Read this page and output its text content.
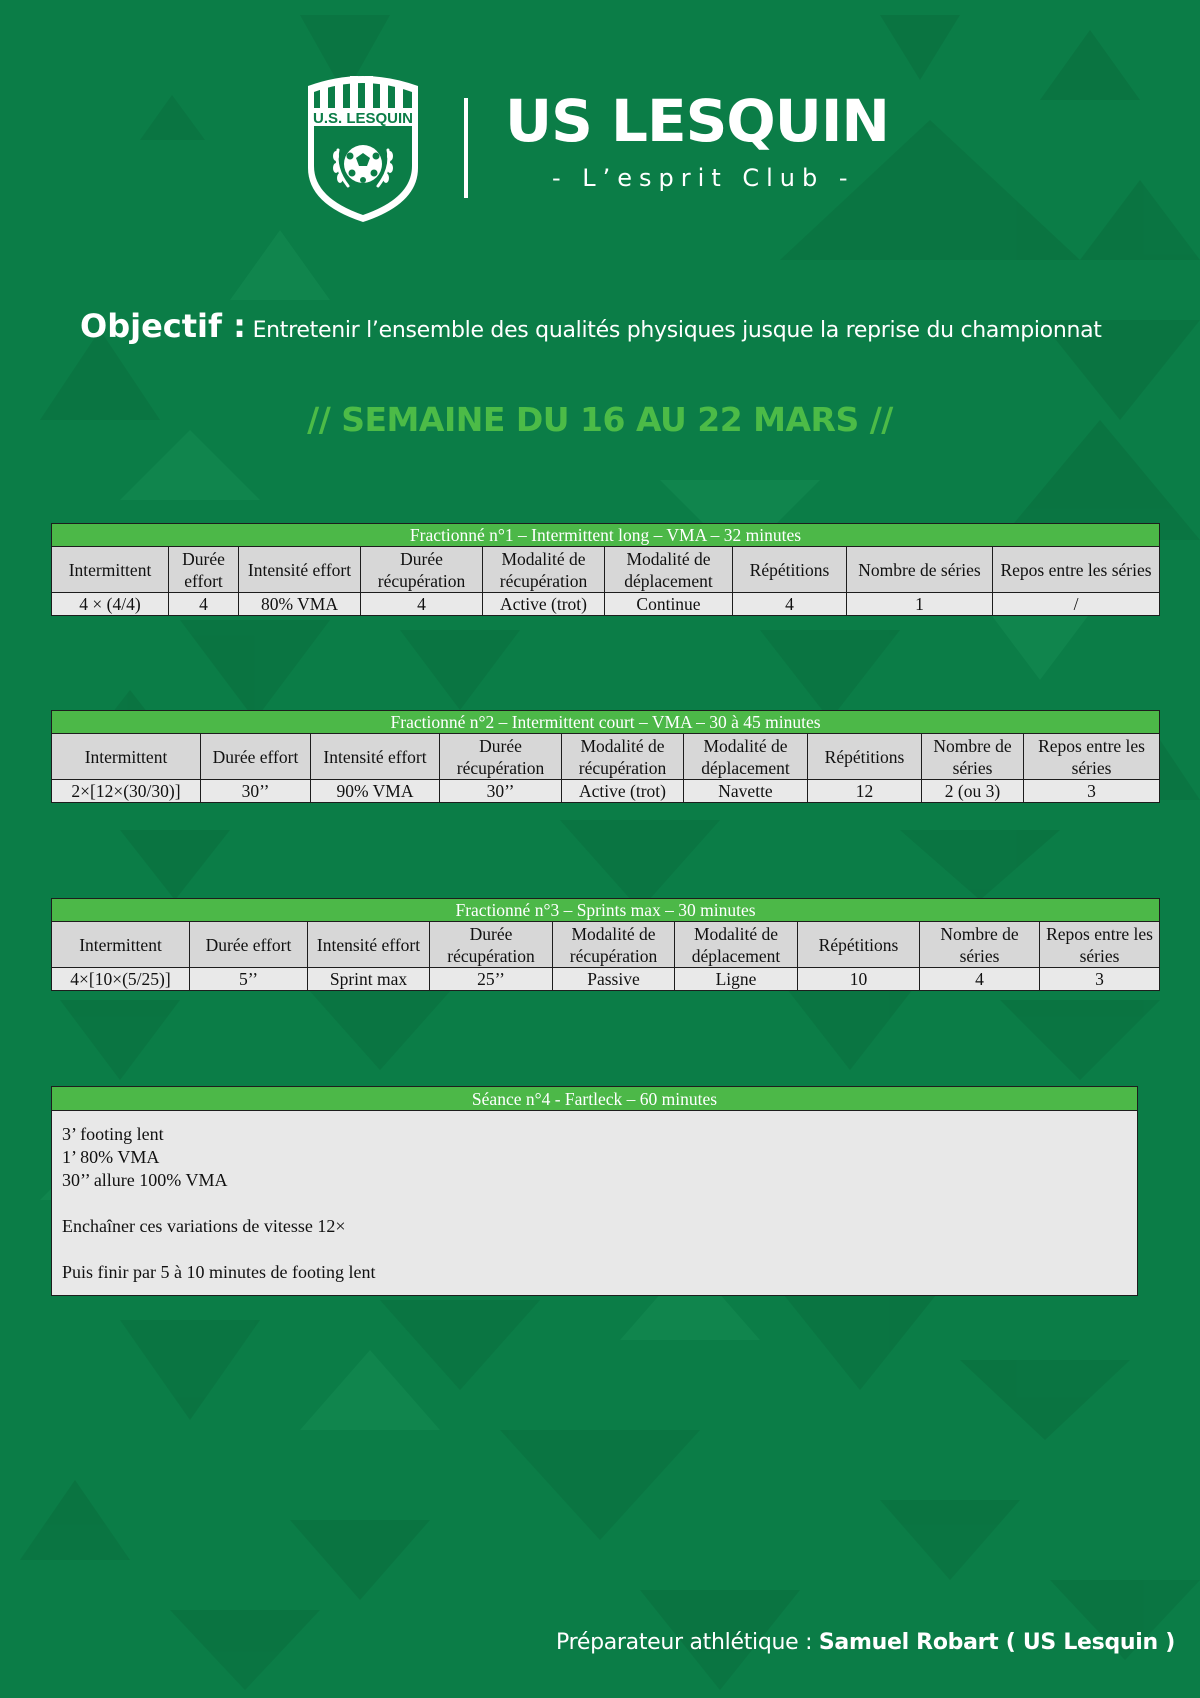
U.S. LESQUIN US LESQUIN
- L’esprit Club -
Objectif : Entretenir l’ensemble des qualités physiques jusque la reprise du championnat
// SEMAINE DU 16 AU 22 MARS //
Fractionné n°1 – Intermittent long – VMA – 32 minutes								
Intermittent	Durée effort	Intensité effort	Durée récupération	Modalité de récupération	Modalité de déplacement	Répétitions	Nombre de séries	Repos entre les séries
4 × (4/4)	4	80% VMA	4	Active (trot)	Continue	4	1	/
Fractionné n°2 – Intermittent court – VMA – 30 à 45 minutes								
Intermittent	Durée effort	Intensité effort	Durée récupération	Modalité de récupération	Modalité de déplacement	Répétitions	Nombre de séries	Repos entre les séries
2×[12×(30/30)]	30’’	90% VMA	30’’	Active (trot)	Navette	12	2 (ou 3)	3
Fractionné n°3 – Sprints max – 30 minutes								
Intermittent	Durée effort	Intensité effort	Durée récupération	Modalité de récupération	Modalité de déplacement	Répétitions	Nombre de séries	Repos entre les séries
4×[10×(5/25)]	5’’	Sprint max	25’’	Passive	Ligne	10	4	3
Séance n°4 - Fartleck – 60 minutes
3’ footing lent
1’ 80% VMA
30’’ allure 100% VMA
Enchaîner ces variations de vitesse 12×
Puis finir par 5 à 10 minutes de footing lent
Préparateur athlétique : Samuel Robart ( US Lesquin )
